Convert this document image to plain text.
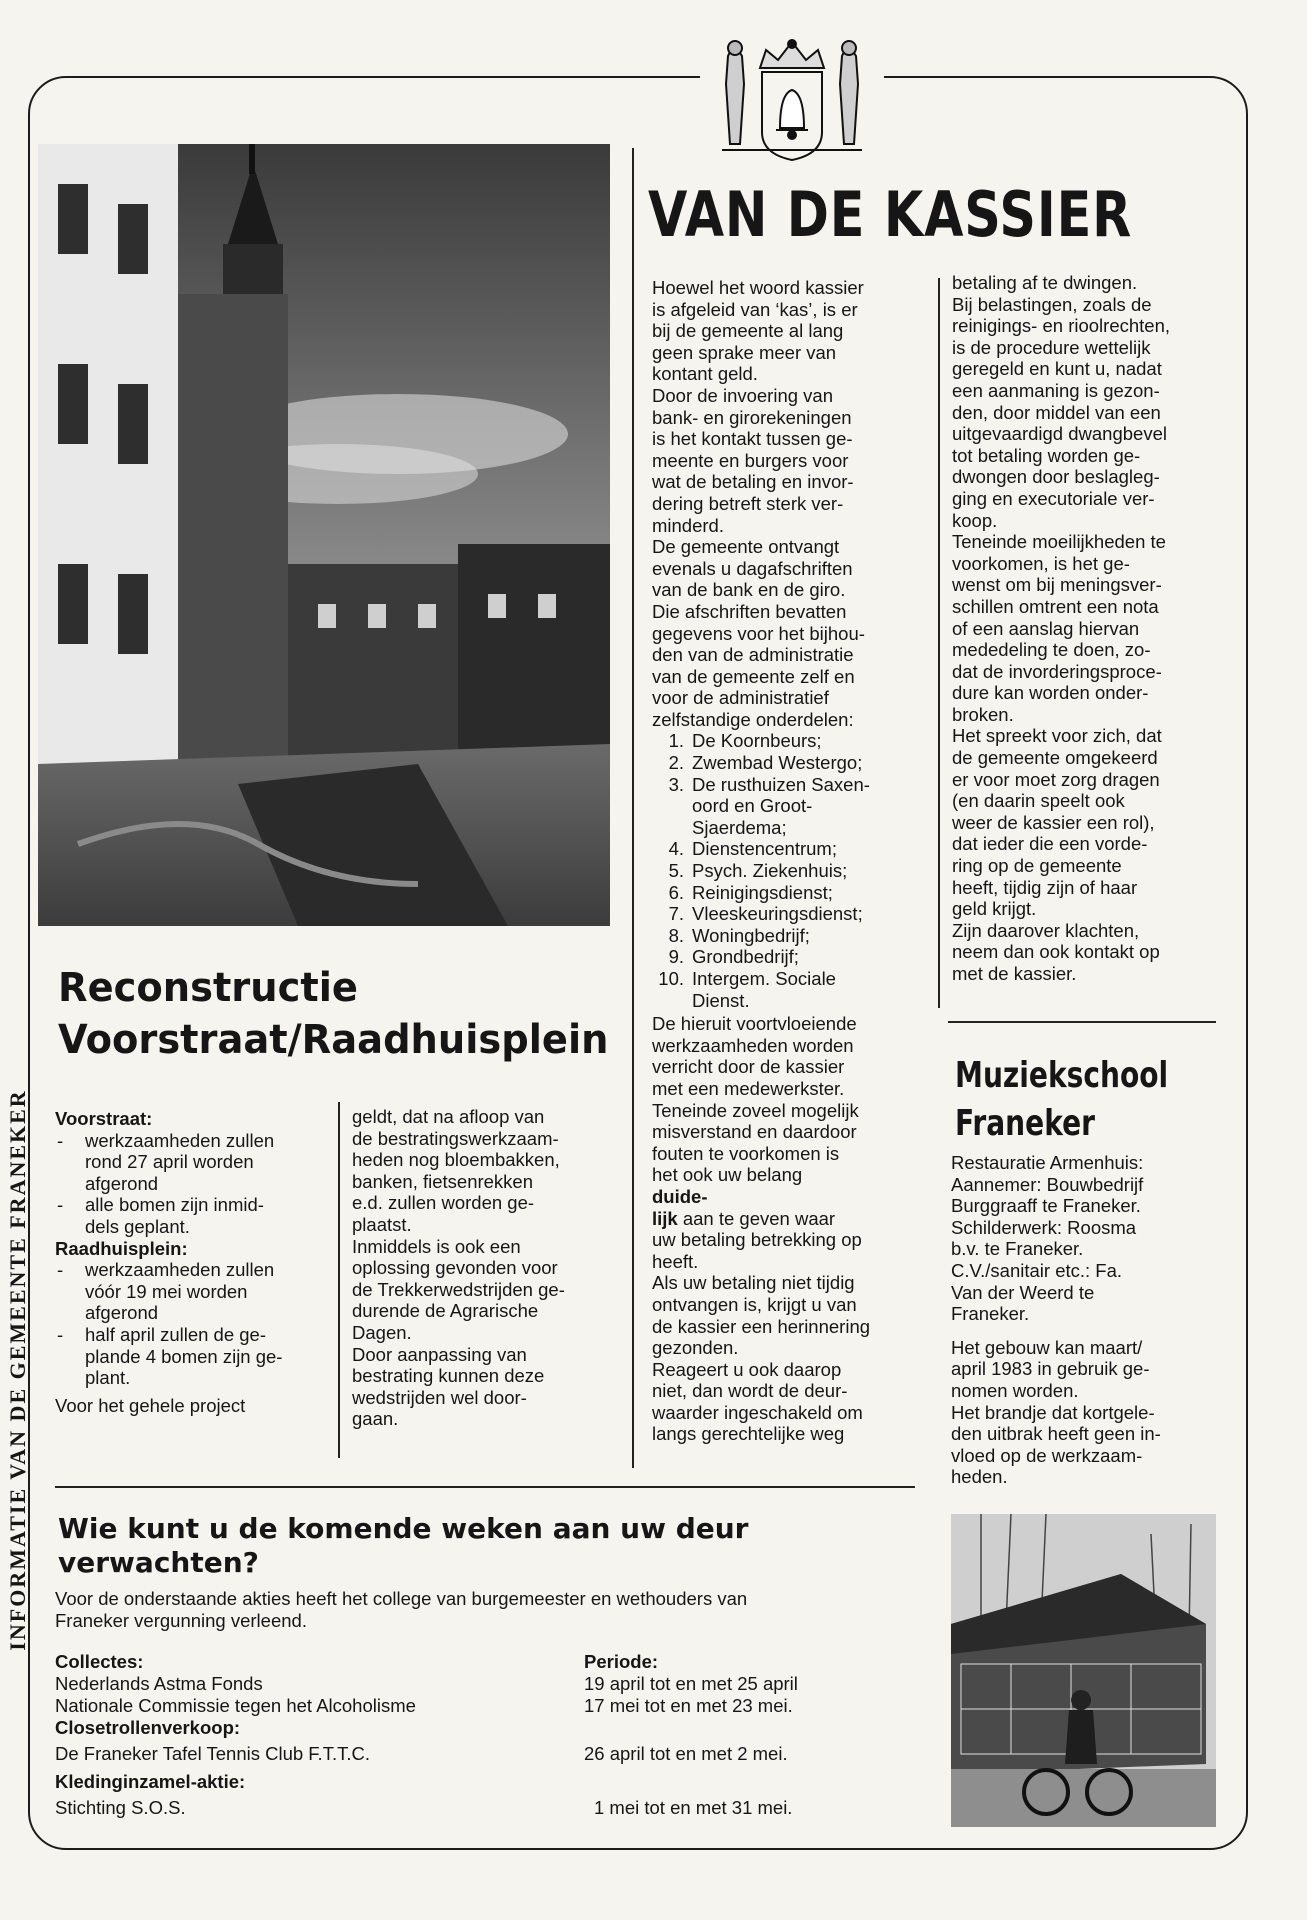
INFORMATIE VAN DE GEMEENTE FRANEKER
VAN DE KASSIER

Hoewel het woord kassier

is afgeleid van ‘kas’, is er

bij de gemeente al lang

geen sprake meer van

kontant geld.

Door de invoering van

bank- en girorekeningen

is het kontakt tussen ge-

meente en burgers voor

wat de betaling en invor-

dering betreft sterk ver-

minderd.

De gemeente ontvangt

evenals u dagafschriften

van de bank en de giro.

Die afschriften bevatten

gegevens voor het bijhou-

den van de administratie

van de gemeente zelf en

voor de administratief

zelfstandige onderdelen:

1. De Koornbeurs;
2. Zwembad Westergo;
3. De rusthuizen Saxen-
oord en Groot-
Sjaerdema;
4. Dienstencentrum;
5. Psych. Ziekenhuis;
6. Reinigingsdienst;
7. Vleeskeuringsdienst;
8. Woningbedrijf;
9. Grondbedrijf;
10. Intergem. Sociale
Dienst.

De hieruit voortvloeiende

werkzaamheden worden

verricht door de kassier

met een medewerkster.

Teneinde zoveel mogelijk

misverstand en daardoor

fouten te voorkomen is

het ook uw belang

duide-

lijk aan te geven waar

uw betaling betrekking op

heeft.

Als uw betaling niet tijdig

ontvangen is, krijgt u van

de kassier een herinnering

gezonden.

Reageert u ook daarop

niet, dan wordt de deur-

waarder ingeschakeld om

langs gerechtelijke weg

betaling af te dwingen.

Bij belastingen, zoals de

reinigings- en rioolrechten,

is de procedure wettelijk

geregeld en kunt u, nadat

een aanmaning is gezon-

den, door middel van een

uitgevaardigd dwangbevel

tot betaling worden ge-

dwongen door beslagleg-

ging en executoriale ver-

koop.

Teneinde moeilijkheden te

voorkomen, is het ge-

wenst om bij meningsver-

schillen omtrent een nota

of een aanslag hiervan

mededeling te doen, zo-

dat de invorderingsproce-

dure kan worden onder-

broken.

Het spreekt voor zich, dat

de gemeente omgekeerd

er voor moet zorg dragen

(en daarin speelt ook

weer de kassier een rol),

dat ieder die een vorde-

ring op de gemeente

heeft, tijdig zijn of haar

geld krijgt.

Zijn daarover klachten,

neem dan ook kontakt op

met de kassier.

Muziekschool
Franeker

Restauratie Armenhuis:

Aannemer: Bouwbedrijf

Burggraaff te Franeker.

Schilderwerk: Roosma

b.v. te Franeker.

C.V./sanitair etc.: Fa.

Van der Weerd te

Franeker.

Het gebouw kan maart/

april 1983 in gebruik ge-

nomen worden.

Het brandje dat kortgele-

den uitbrak heeft geen in-

vloed op de werkzaam-

heden.

Reconstructie
Voorstraat/Raadhuisplein

Voorstraat:

- werkzaamheden zullen
rond 27 april worden
afgerond
- alle bomen zijn inmid-
dels geplant.

Raadhuisplein:

- werkzaamheden zullen
vóór 19 mei worden
afgerond
- half april zullen de ge-
plande 4 bomen zijn ge-
plant.

Voor het gehele project

geldt, dat na afloop van

de bestratingswerkzaam-

heden nog bloembakken,

banken, fietsenrekken

e.d. zullen worden ge-

plaatst.

Inmiddels is ook een

oplossing gevonden voor

de Trekkerwedstrijden ge-

durende de Agrarische

Dagen.

Door aanpassing van

bestrating kunnen deze

wedstrijden wel door-

gaan.

Wie kunt u de komende weken aan uw deur
verwachten?

Voor de onderstaande akties heeft het college van burgemeester en wethouders van

Franeker vergunning verleend.

Collectes:
Nederlands Astma Fonds
Nationale Commissie tegen het Alcoholisme
Closetrollenverkoop:
De Franeker Tafel Tennis Club F.T.T.C.
Kledinginzamel-aktie:
Stichting S.O.S.
Periode:
19 april tot en met 25 april
17 mei tot en met 23 mei.
26 april tot en met 2 mei.
1 mei tot en met 31 mei.
